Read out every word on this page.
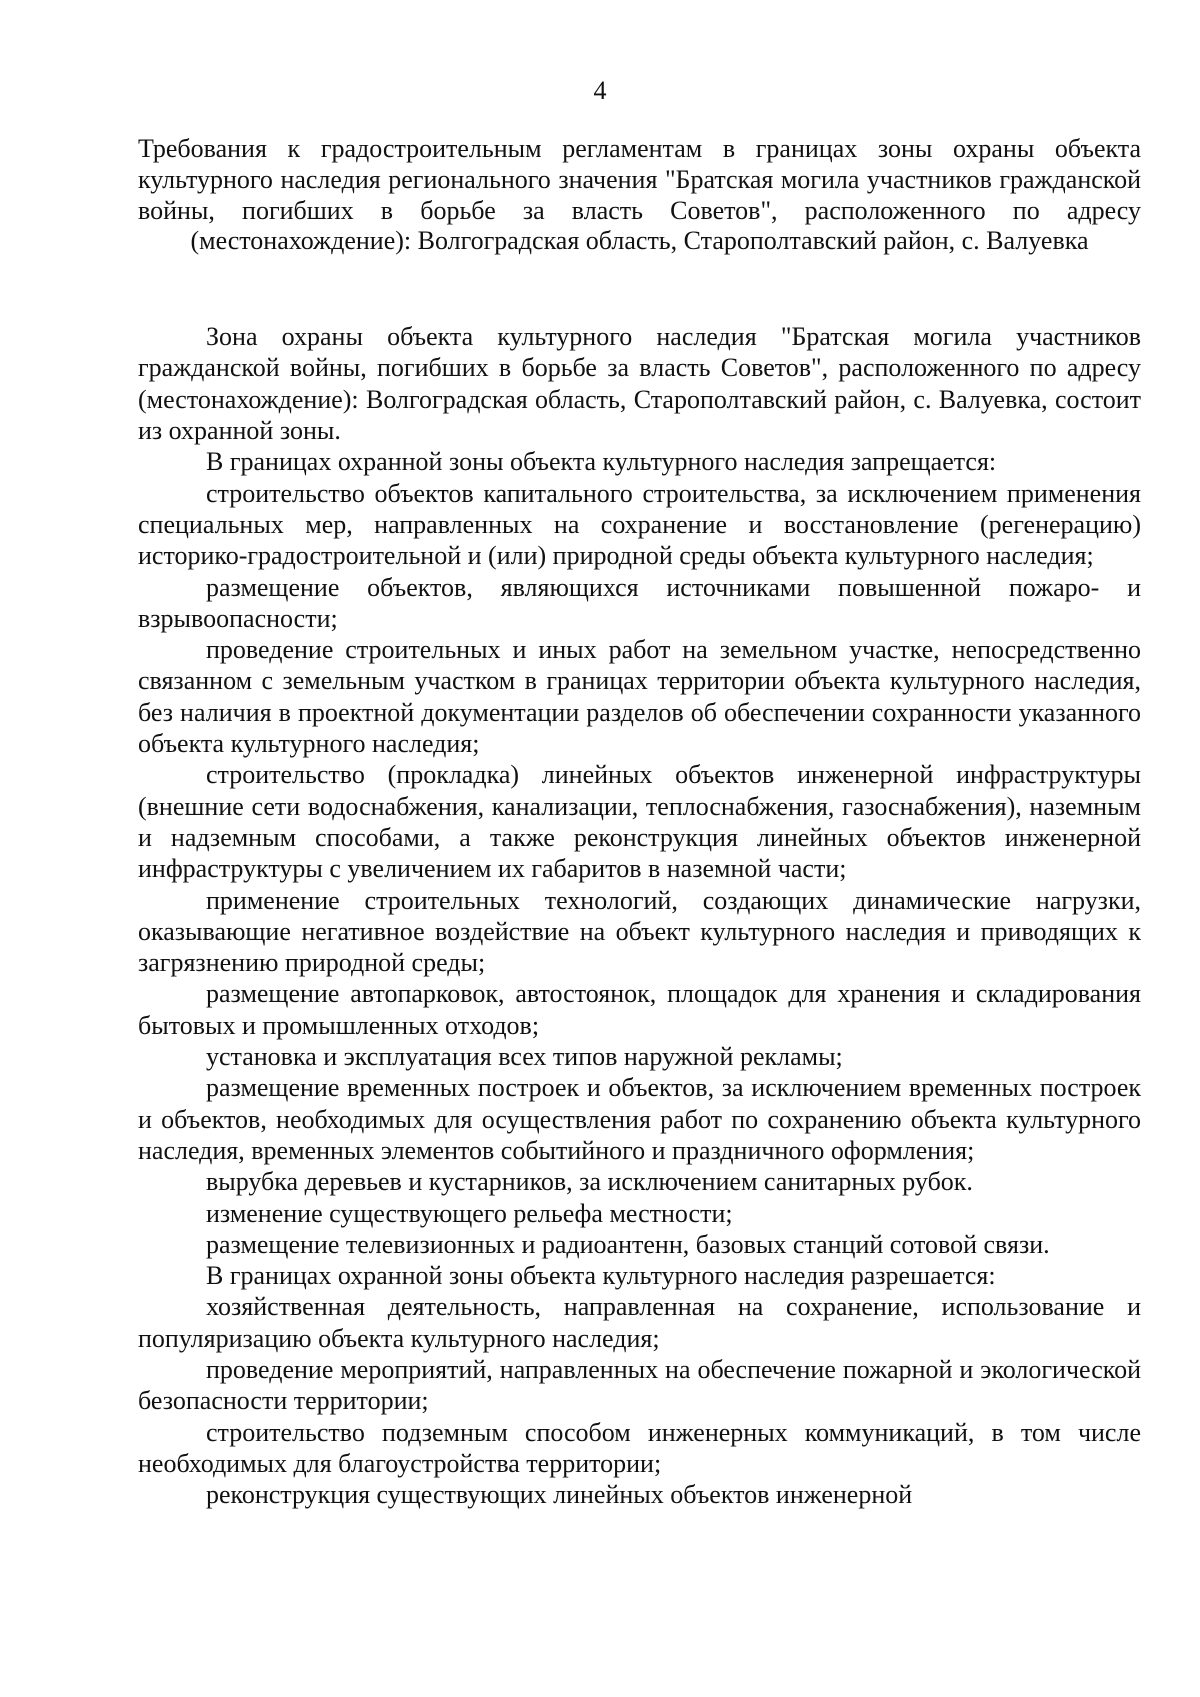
4

Требования к градостроительным регламентам в границах зоны охраны объекта культурного наследия регионального значения "Братская могила участников гражданской войны, погибших в борьбе за власть Советов", расположенного по адресу (местонахождение): Волгоградская область, Старополтавский район, с. Валуевка

Зона охраны объекта культурного наследия "Братская могила участников гражданской войны, погибших в борьбе за власть Советов", расположенного по адресу (местонахождение): Волгоградская область, Старополтавский район, с. Валуевка, состоит из охранной зоны.

В границах охранной зоны объекта культурного наследия запрещается:

строительство объектов капитального строительства, за исключением применения специальных мер, направленных на сохранение и восстановление (регенерацию) историко-градостроительной и (или) природной среды объекта культурного наследия;

размещение объектов, являющихся источниками повышенной пожаро- и взрывоопасности;

проведение строительных и иных работ на земельном участке, непосредственно связанном с земельным участком в границах территории объекта культурного наследия, без наличия в проектной документации разделов об обеспечении сохранности указанного объекта культурного наследия;

строительство (прокладка) линейных объектов инженерной инфраструктуры (внешние сети водоснабжения, канализации, теплоснабжения, газоснабжения), наземным и надземным способами, а также реконструкция линейных объектов инженерной инфраструктуры с увеличением их габаритов в наземной части;

применение строительных технологий, создающих динамические нагрузки, оказывающие негативное воздействие на объект культурного наследия и приводящих к загрязнению природной среды;

размещение автопарковок, автостоянок, площадок для хранения и складирования бытовых и промышленных отходов;

установка и эксплуатация всех типов наружной рекламы;

размещение временных построек и объектов, за исключением временных построек и объектов, необходимых для осуществления работ по сохранению объекта культурного наследия, временных элементов событийного и праздничного оформления;

вырубка деревьев и кустарников, за исключением санитарных рубок.

изменение существующего рельефа местности;

размещение телевизионных и радиоантенн, базовых станций сотовой связи.

В границах охранной зоны объекта культурного наследия разрешается:

хозяйственная деятельность, направленная на сохранение, использование и популяризацию объекта культурного наследия;

проведение мероприятий, направленных на обеспечение пожарной и экологической безопасности территории;

строительство подземным способом инженерных коммуникаций, в том числе необходимых для благоустройства территории;

реконструкция существующих линейных объектов инженерной
